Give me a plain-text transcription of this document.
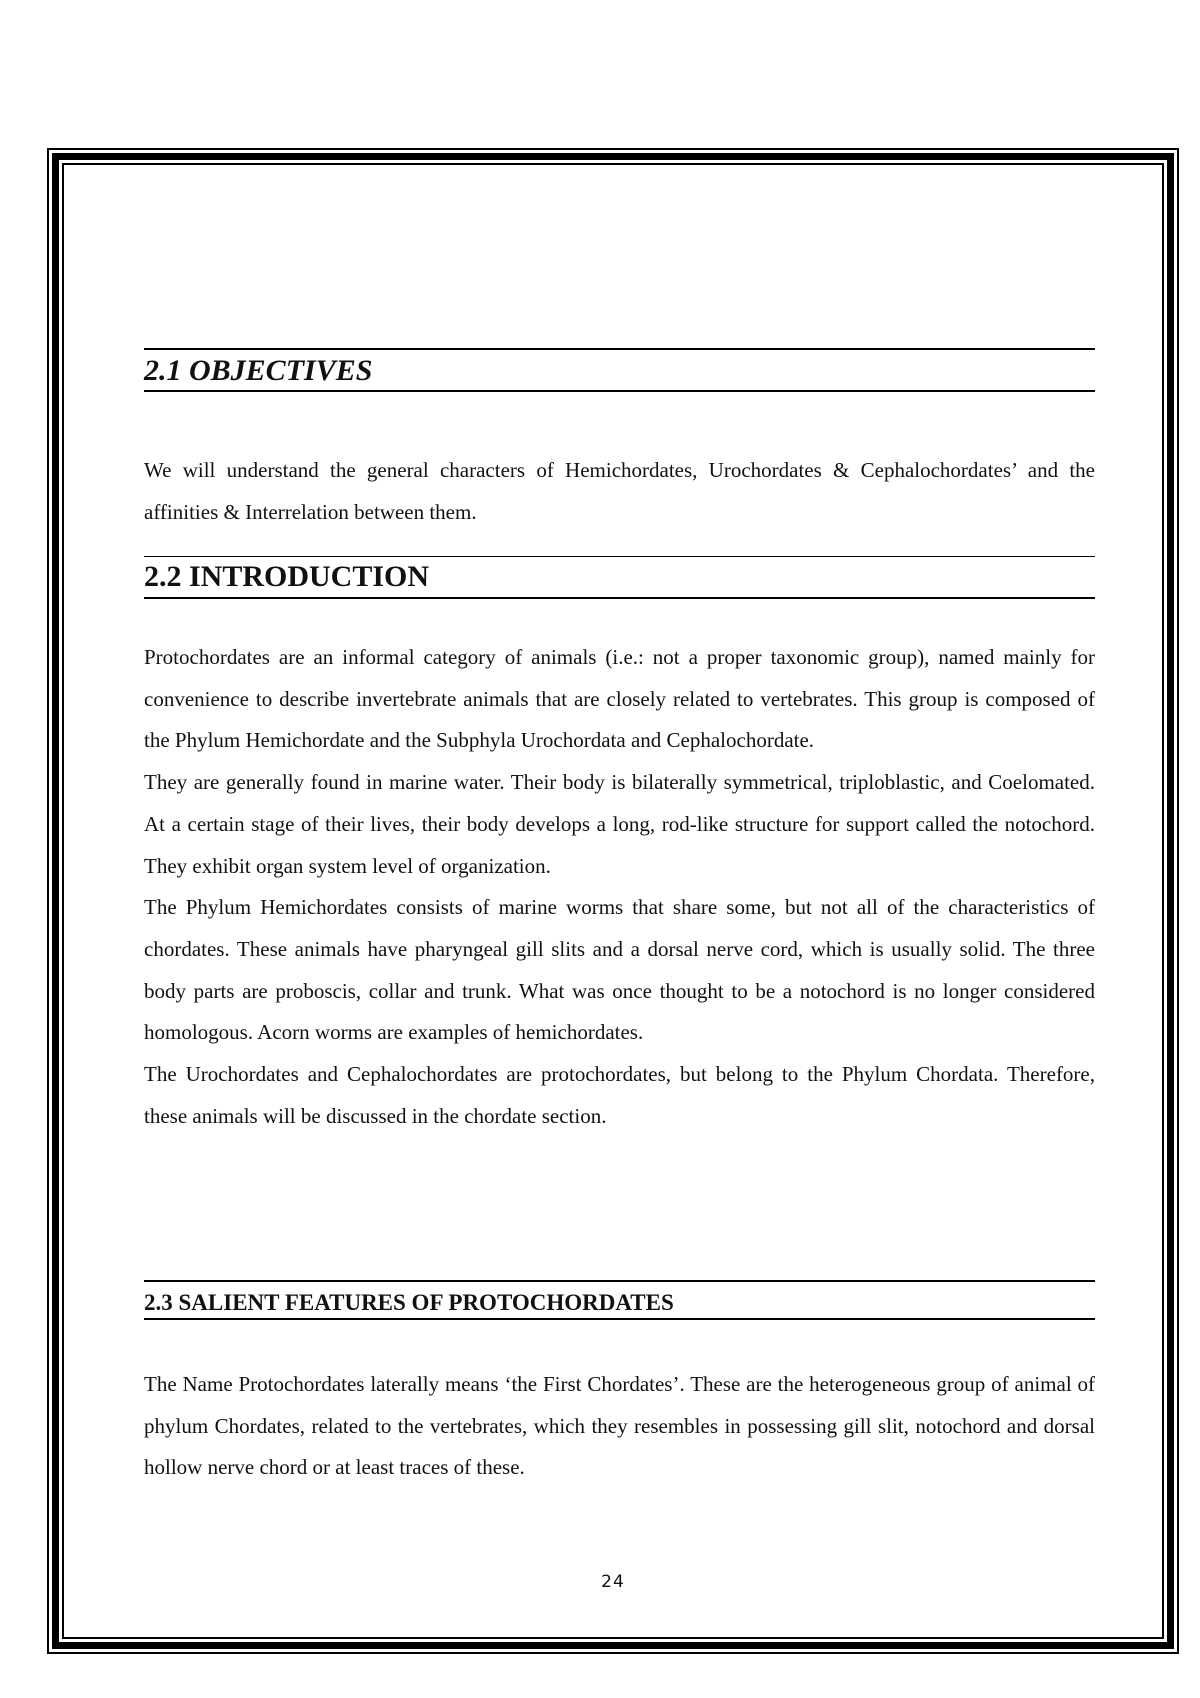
2.1 OBJECTIVES

We will understand the general characters of Hemichordates, Urochordates & Cephalochordates’ and the affinities & Interrelation between them.

2.2 INTRODUCTION

Protochordates are an informal category of animals (i.e.: not a proper taxonomic group), named mainly for convenience to describe invertebrate animals that are closely related to vertebrates. This group is composed of the Phylum Hemichordate and the Subphyla Urochordata and Cephalochordate.

They are generally found in marine water. Their body is bilaterally symmetrical, triploblastic, and Coelomated. At a certain stage of their lives, their body develops a long, rod-like structure for support called the notochord. They exhibit organ system level of organization.

The Phylum Hemichordates consists of marine worms that share some, but not all of the characteristics of chordates. These animals have pharyngeal gill slits and a dorsal nerve cord, which is usually solid. The three body parts are proboscis, collar and trunk. What was once thought to be a notochord is no longer considered homologous. Acorn worms are examples of hemichordates.

The Urochordates and Cephalochordates are protochordates, but belong to the Phylum Chordata. Therefore, these animals will be discussed in the chordate section.

2.3 SALIENT FEATURES OF PROTOCHORDATES

The Name Protochordates laterally means ‘the First Chordates’. These are the heterogeneous group of animal of phylum Chordates, related to the vertebrates, which they resembles in possessing gill slit, notochord and dorsal hollow nerve chord or at least traces of these.

24
